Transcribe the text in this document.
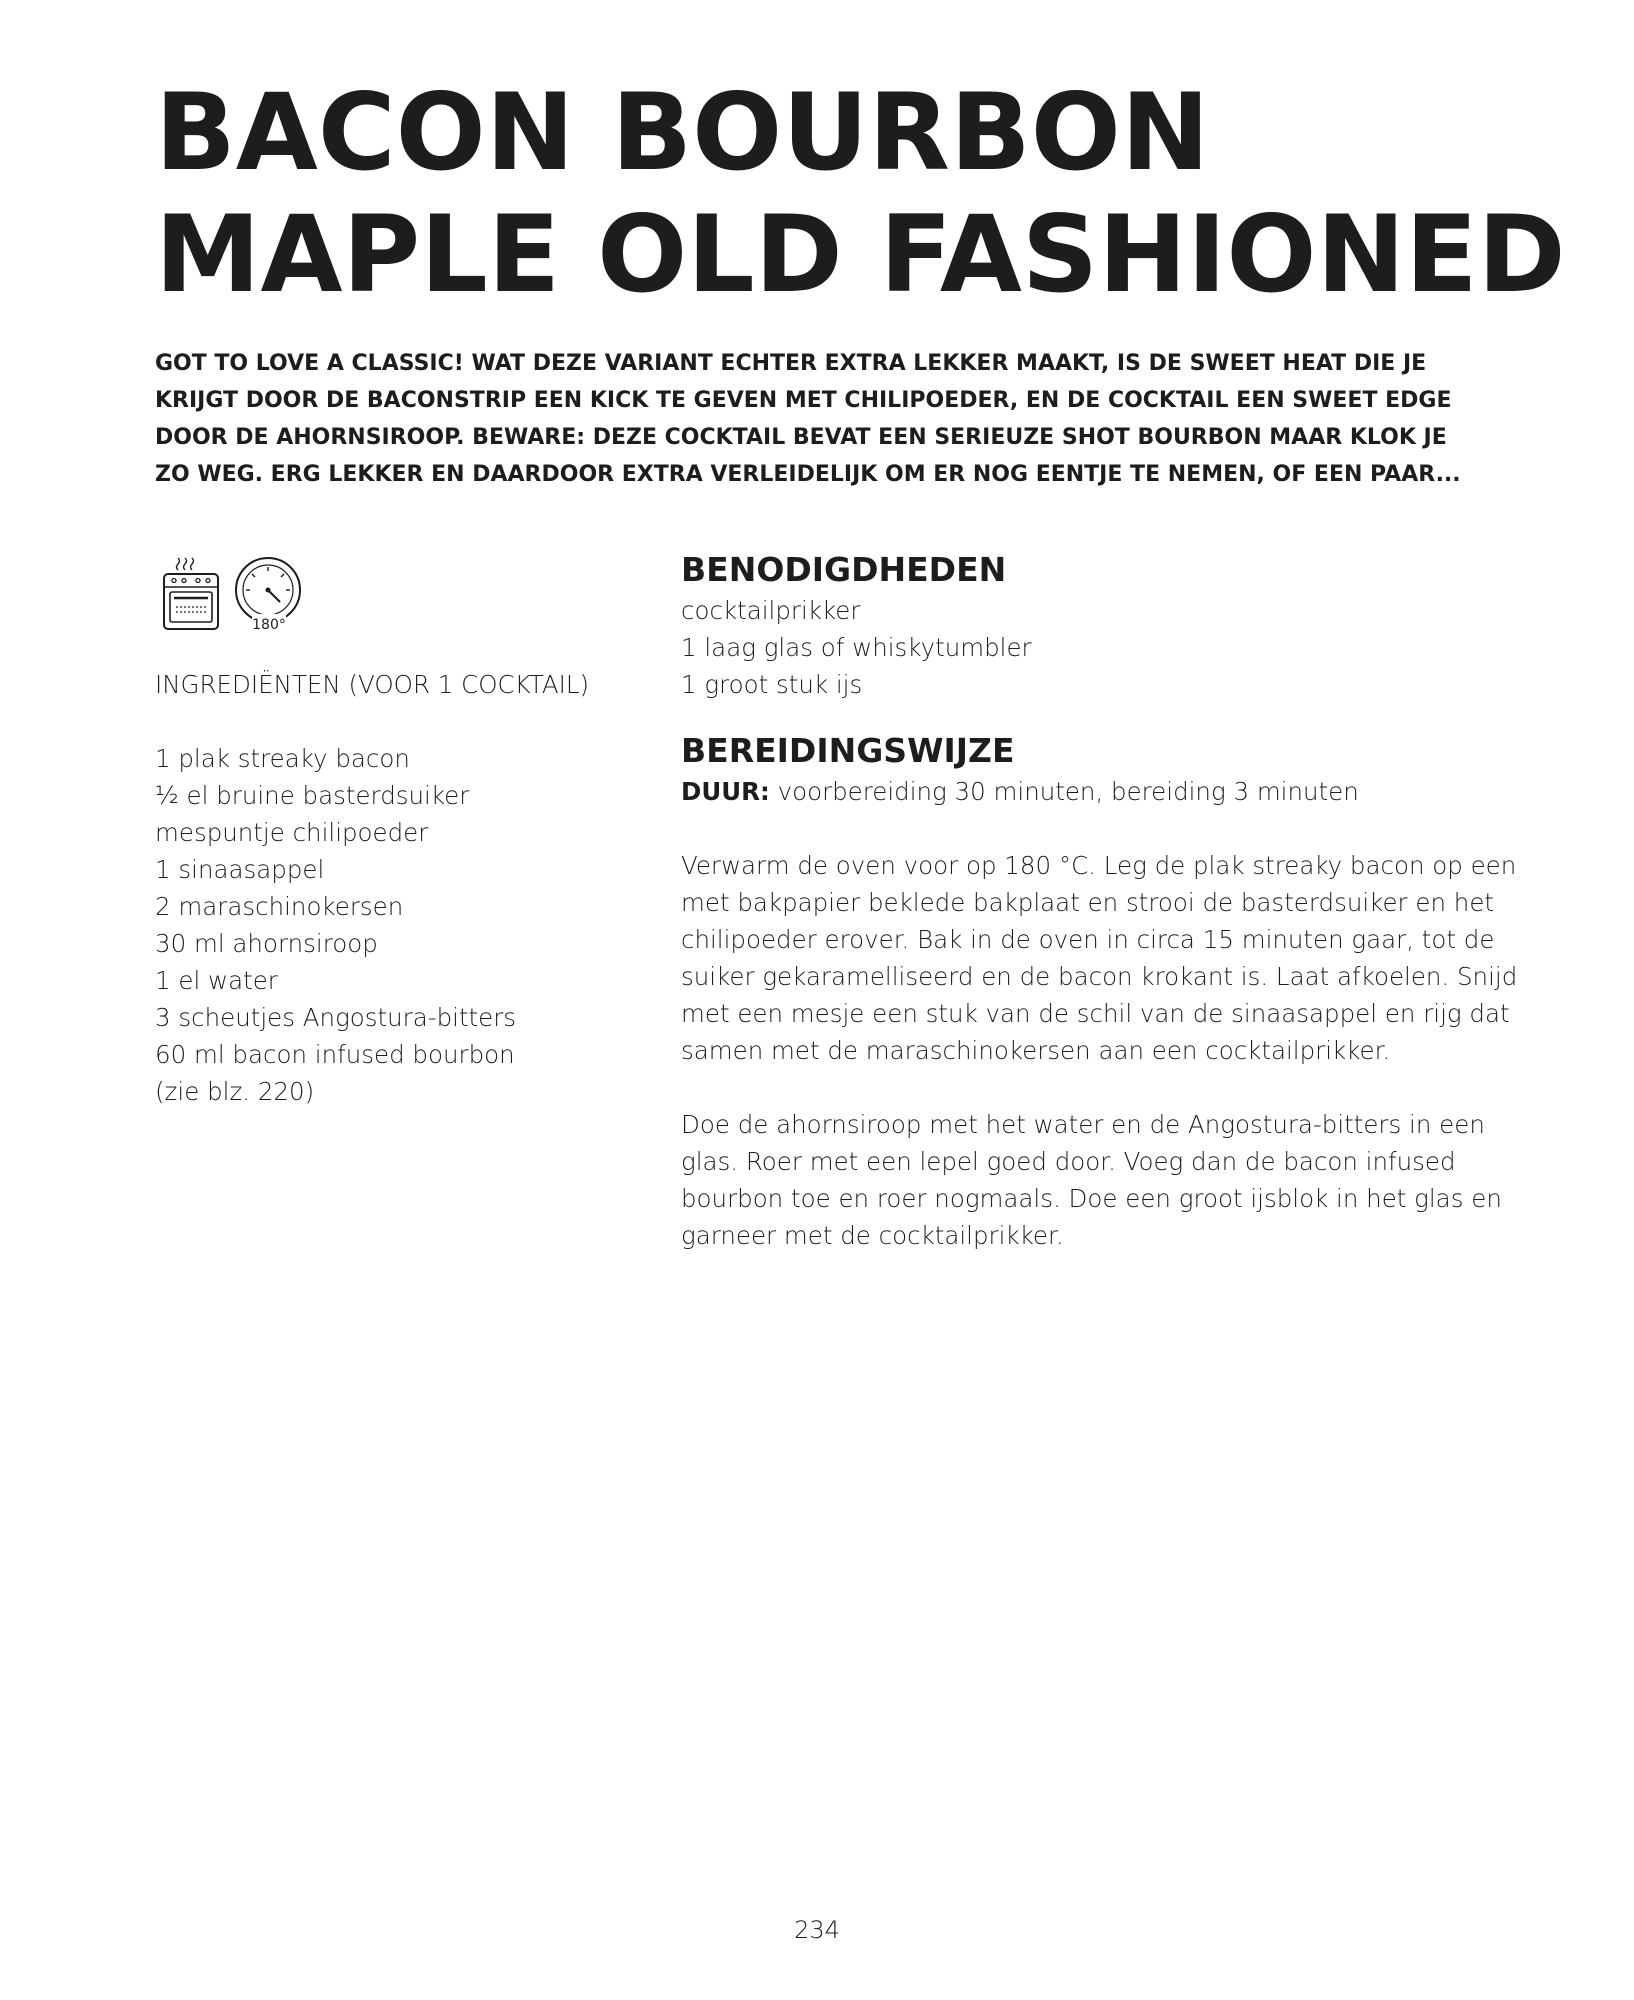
BACON BOURBON
MAPLE OLD FASHIONED
GOT TO LOVE A CLASSIC! WAT DEZE VARIANT ECHTER EXTRA LEKKER MAAKT, IS DE SWEET HEAT DIE JE
KRIJGT DOOR DE BACONSTRIP EEN KICK TE GEVEN MET CHILIPOEDER, EN DE COCKTAIL EEN SWEET EDGE
DOOR DE AHORNSIROOP. BEWARE: DEZE COCKTAIL BEVAT EEN SERIEUZE SHOT BOURBON MAAR KLOK JE
ZO WEG. ERG LEKKER EN DAARDOOR EXTRA VERLEIDELIJK OM ER NOG EENTJE TE NEMEN, OF EEN PAAR...
180°
INGREDIËNTEN (VOOR 1 COCKTAIL)
1 plak streaky bacon
½ el bruine basterdsuiker
mespuntje chilipoeder
1 sinaasappel
2 maraschinokersen
30 ml ahornsiroop
1 el water
3 scheutjes Angostura-bitters
60 ml bacon infused bourbon
(zie blz. 220)
BENODIGDHEDEN
cocktailprikker
1 laag glas of whiskytumbler
1 groot stuk ijs
BEREIDINGSWIJZE
DUUR: voorbereiding 30 minuten, bereiding 3 minuten
Verwarm de oven voor op 180 °C. Leg de plak streaky bacon op een
met bakpapier beklede bakplaat en strooi de basterdsuiker en het
chilipoeder erover. Bak in de oven in circa 15 minuten gaar, tot de
suiker gekaramelliseerd en de bacon krokant is. Laat afkoelen. Snijd
met een mesje een stuk van de schil van de sinaasappel en rijg dat
samen met de maraschinokersen aan een cocktailprikker.
Doe de ahornsiroop met het water en de Angostura-bitters in een
glas. Roer met een lepel goed door. Voeg dan de bacon infused
bourbon toe en roer nogmaals. Doe een groot ijsblok in het glas en
garneer met de cocktailprikker.
234
